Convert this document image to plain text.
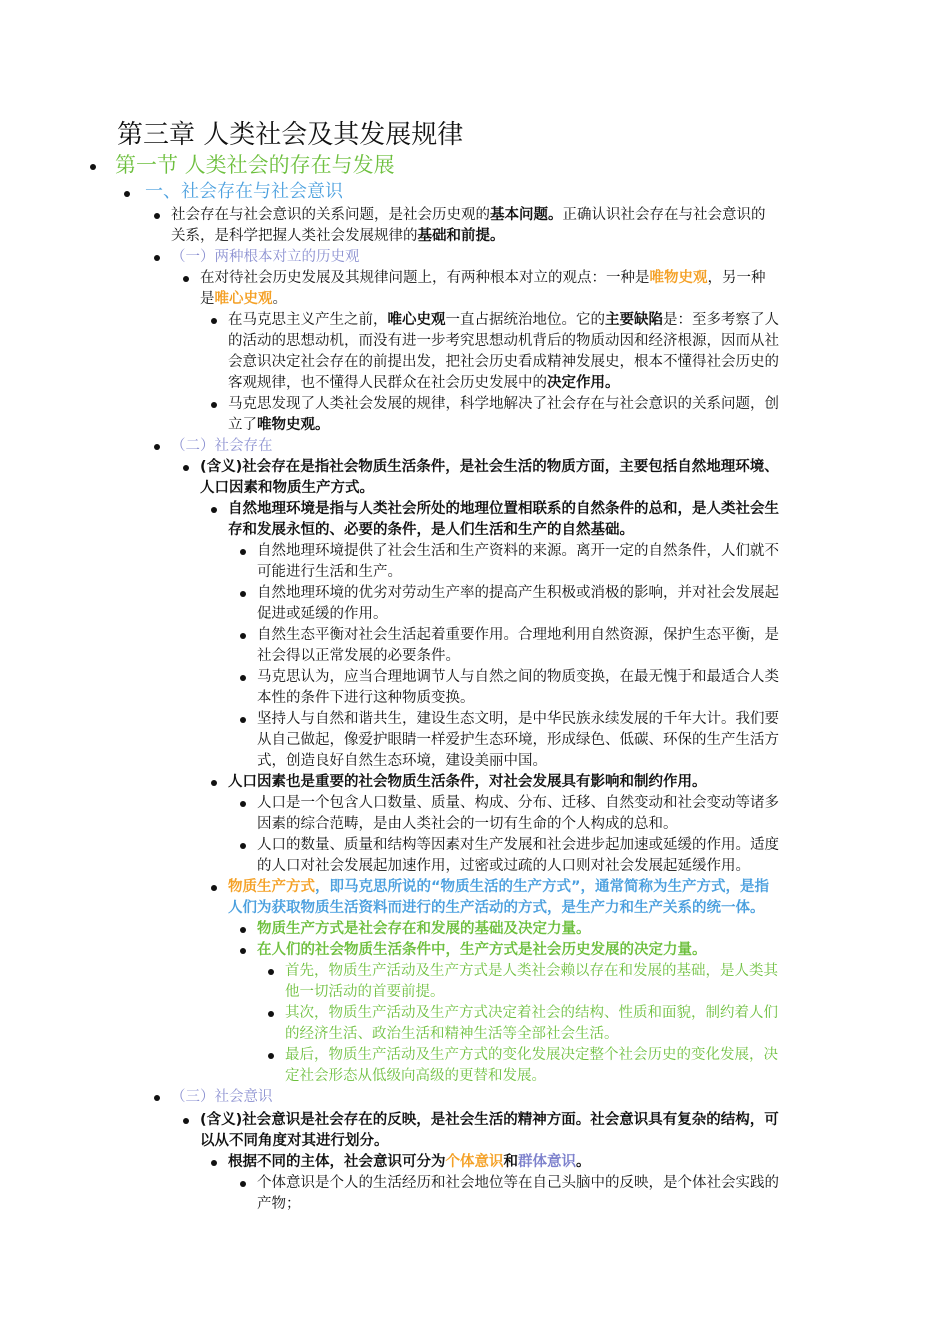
第三章 人类社会及其发展规律
第一节 人类社会的存在与发展
一、社会存在与社会意识
社会存在与社会意识的关系问题，是社会历史观的基本问题。正确认识社会存在与社会意识的
关系，是科学把握人类社会发展规律的基础和前提。
（一）两种根本对立的历史观
在对待社会历史发展及其规律问题上，有两种根本对立的观点：一种是唯物史观，另一种
是唯心史观。
在马克思主义产生之前，唯心史观一直占据统治地位。它的主要缺陷是：至多考察了人
的活动的思想动机，而没有进一步考究思想动机背后的物质动因和经济根源，因而从社
会意识决定社会存在的前提出发，把社会历史看成精神发展史，根本不懂得社会历史的
客观规律，也不懂得人民群众在社会历史发展中的决定作用。
马克思发现了人类社会发展的规律，科学地解决了社会存在与社会意识的关系问题，创
立了唯物史观。
（二）社会存在
(含义)社会存在是指社会物质生活条件，是社会生活的物质方面，主要包括自然地理环境、
人口因素和物质生产方式。
自然地理环境是指与人类社会所处的地理位置相联系的自然条件的总和，是人类社会生
存和发展永恒的、必要的条件，是人们生活和生产的自然基础。
自然地理环境提供了社会生活和生产资料的来源。离开一定的自然条件，人们就不
可能进行生活和生产。
自然地理环境的优劣对劳动生产率的提高产生积极或消极的影响，并对社会发展起
促进或延缓的作用。
自然生态平衡对社会生活起着重要作用。合理地利用自然资源，保护生态平衡，是
社会得以正常发展的必要条件。
马克思认为，应当合理地调节人与自然之间的物质变换，在最无愧于和最适合人类
本性的条件下进行这种物质变换。
坚持人与自然和谐共生，建设生态文明，是中华民族永续发展的千年大计。我们要
从自己做起，像爱护眼睛一样爱护生态环境，形成绿色、低碳、环保的生产生活方
式，创造良好自然生态环境，建设美丽中国。
人口因素也是重要的社会物质生活条件，对社会发展具有影响和制约作用。
人口是一个包含人口数量、质量、构成、分布、迁移、自然变动和社会变动等诸多
因素的综合范畴，是由人类社会的一切有生命的个人构成的总和。
人口的数量、质量和结构等因素对生产发展和社会进步起加速或延缓的作用。适度
的人口对社会发展起加速作用，过密或过疏的人口则对社会发展起延缓作用。
物质生产方式，即马克思所说的“物质生活的生产方式”，通常简称为生产方式，是指
人们为获取物质生活资料而进行的生产活动的方式，是生产力和生产关系的统一体。
物质生产方式是社会存在和发展的基础及决定力量。
在人们的社会物质生活条件中，生产方式是社会历史发展的决定力量。
首先，物质生产活动及生产方式是人类社会赖以存在和发展的基础，是人类其
他一切活动的首要前提。
其次，物质生产活动及生产方式决定着社会的结构、性质和面貌，制约着人们
的经济生活、政治生活和精神生活等全部社会生活。
最后，物质生产活动及生产方式的变化发展决定整个社会历史的变化发展，决
定社会形态从低级向高级的更替和发展。
（三）社会意识
(含义)社会意识是社会存在的反映，是社会生活的精神方面。社会意识具有复杂的结构，可
以从不同角度对其进行划分。
根据不同的主体，社会意识可分为个体意识和群体意识。
个体意识是个人的生活经历和社会地位等在自己头脑中的反映，是个体社会实践的
产物；
